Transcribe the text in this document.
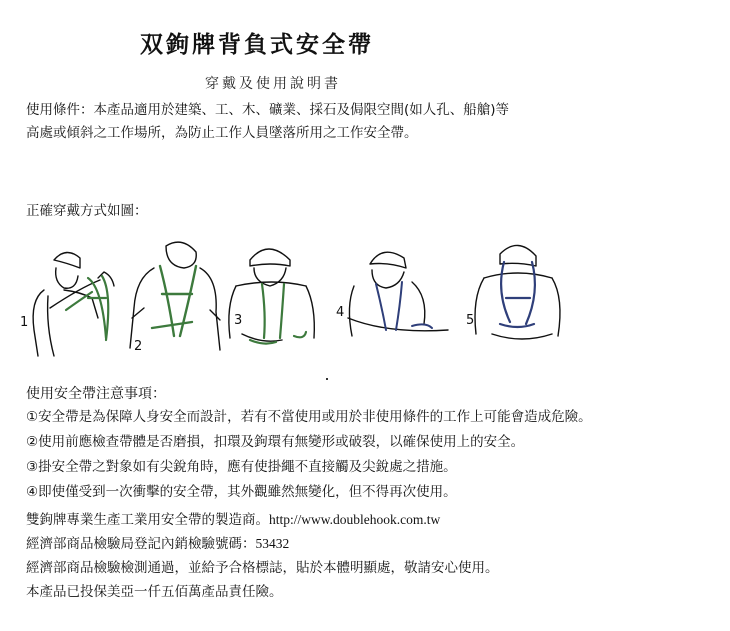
双鉤牌背負式安全帶
穿戴及使用說明書
使用條件：本產品適用於建築、工、木、礦業、採石及侷限空間(如人孔、船艙)等
高處或傾斜之工作場所，為防止工作人員墜落所用之工作安全帶。
正確穿戴方式如圖：
1
2
3
4
5
使用安全帶注意事項：
①安全帶是為保障人身安全而設計，若有不當使用或用於非使用條件的工作上可能會造成危險。
②使用前應檢查帶體是否磨損，扣環及鉤環有無變形或破裂，以確保使用上的安全。
③掛安全帶之對象如有尖銳角時，應有使掛繩不直接觸及尖銳處之措施。
④即使僅受到一次衝擊的安全帶，其外觀雖然無變化，但不得再次使用。
雙鉤牌專業生產工業用安全帶的製造商。http://www.doublehook.com.tw
經濟部商品檢驗局登記內銷檢驗號碼：53432
經濟部商品檢驗檢測通過，並給予合格標誌，貼於本體明顯處，敬請安心使用。
本產品已投保美亞一仟五佰萬產品責任險。
